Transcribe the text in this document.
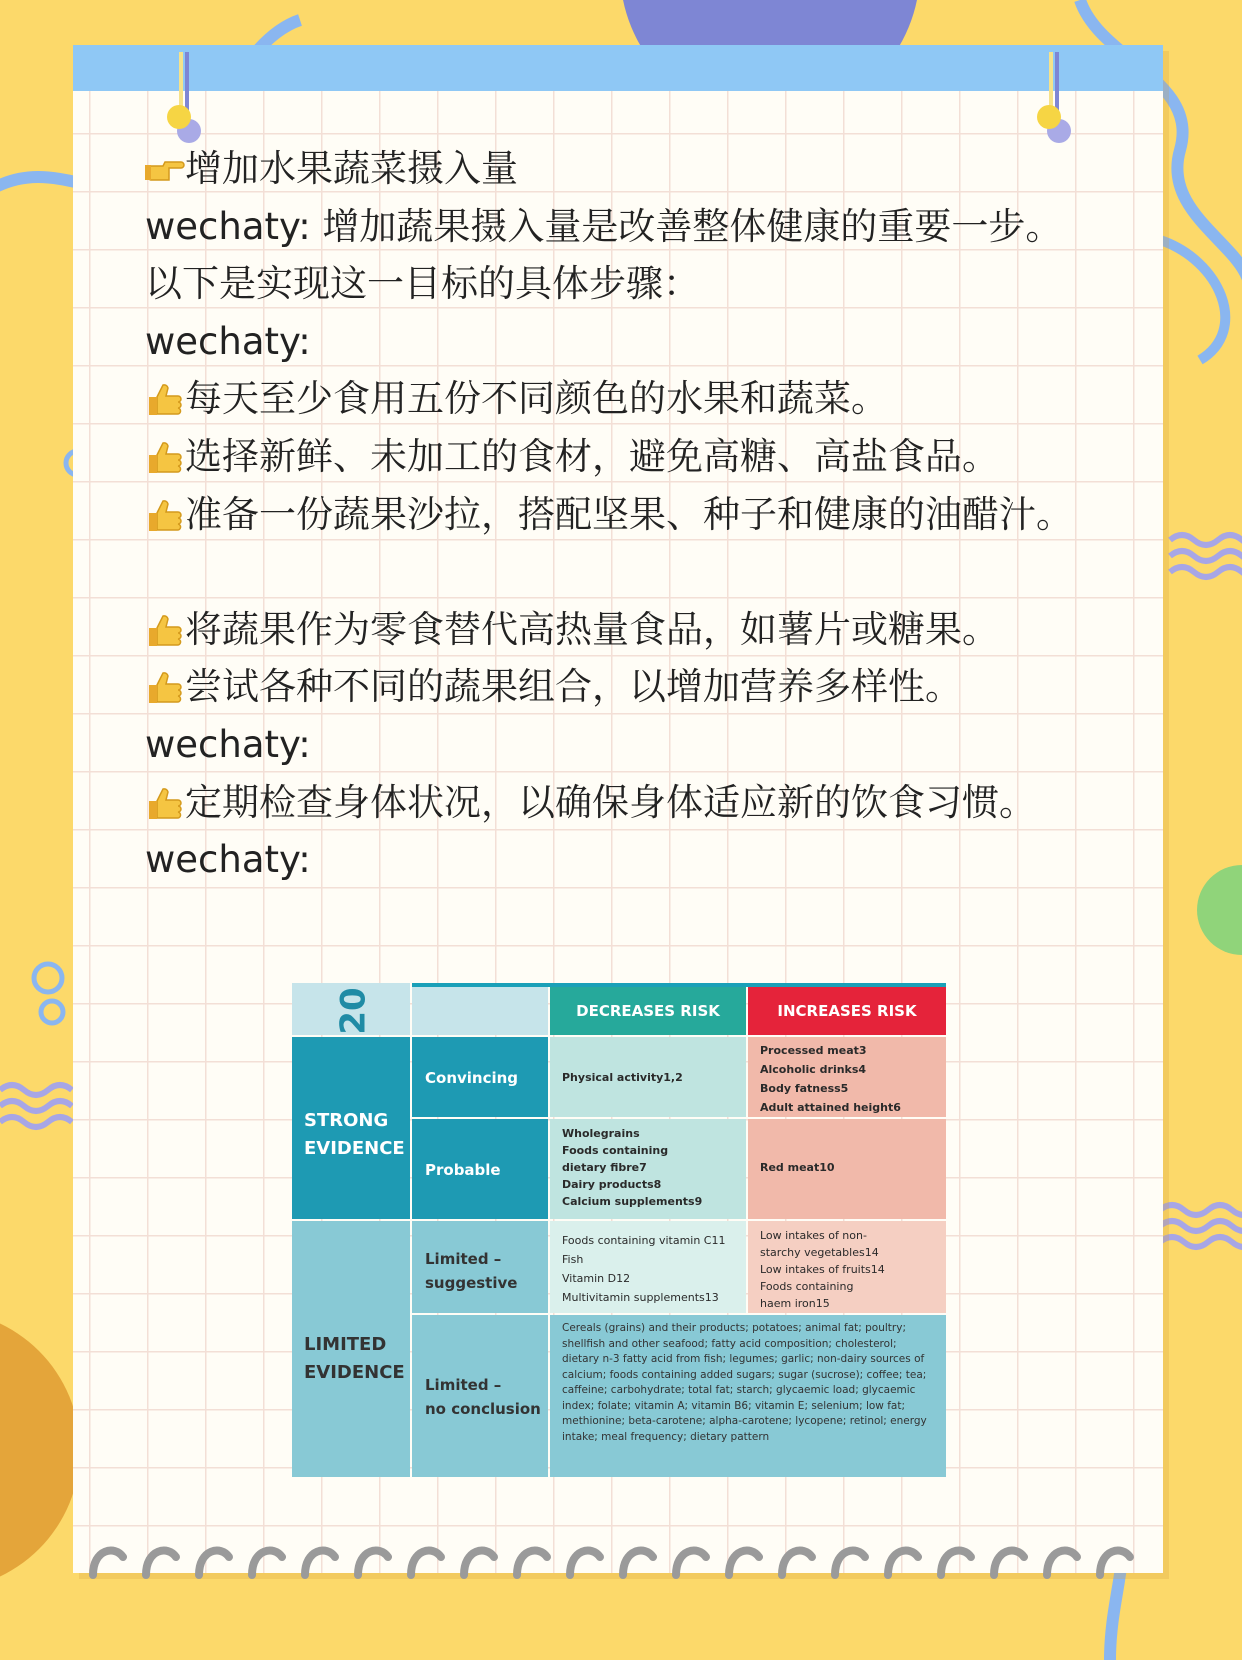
增加水果蔬菜摄入量
wechaty: 增加蔬果摄入量是改善整体健康的重要一步。
以下是实现这一目标的具体步骤：
wechaty:
每天至少食用五份不同颜色的水果和蔬菜。
选择新鲜、未加工的食材，避免高糖、高盐食品。
准备一份蔬果沙拉，搭配坚果、种子和健康的油醋汁。
将蔬果作为零食替代高热量食品，如薯片或糖果。
尝试各种不同的蔬果组合，以增加营养多样性。
wechaty:
定期检查身体状况，以确保身体适应新的饮食习惯。
wechaty:
20	DECREASES RISK	INCREASES RISK
STRONG EVIDENCE
LIMITED EVIDENCE
Convincing
Probable
Limited –
suggestive
Limited –
no conclusion
Physical activity1,2
Processed meat3
Alcoholic drinks4
Body fatness5
Adult attained height6
Wholegrains
Foods containing
dietary fibre7
Dairy products8
Calcium supplements9
Red meat10
Foods containing vitamin C11
Fish
Vitamin D12
Multivitamin supplements13
Low intakes of non-
starchy vegetables14
Low intakes of fruits14
Foods containing
haem iron15
Cereals (grains) and their products; potatoes; animal fat; poultry; shellfish and other seafood; fatty acid composition; cholesterol; dietary n-3 fatty acid from fish; legumes; garlic; non-dairy sources of calcium; foods containing added sugars; sugar (sucrose); coffee; tea; caffeine; carbohydrate; total fat; starch; glycaemic load; glycaemic index; folate; vitamin A; vitamin B6; vitamin E; selenium; low fat; methionine; beta-carotene; alpha-carotene; lycopene; retinol; energy intake; meal frequency; dietary pattern
